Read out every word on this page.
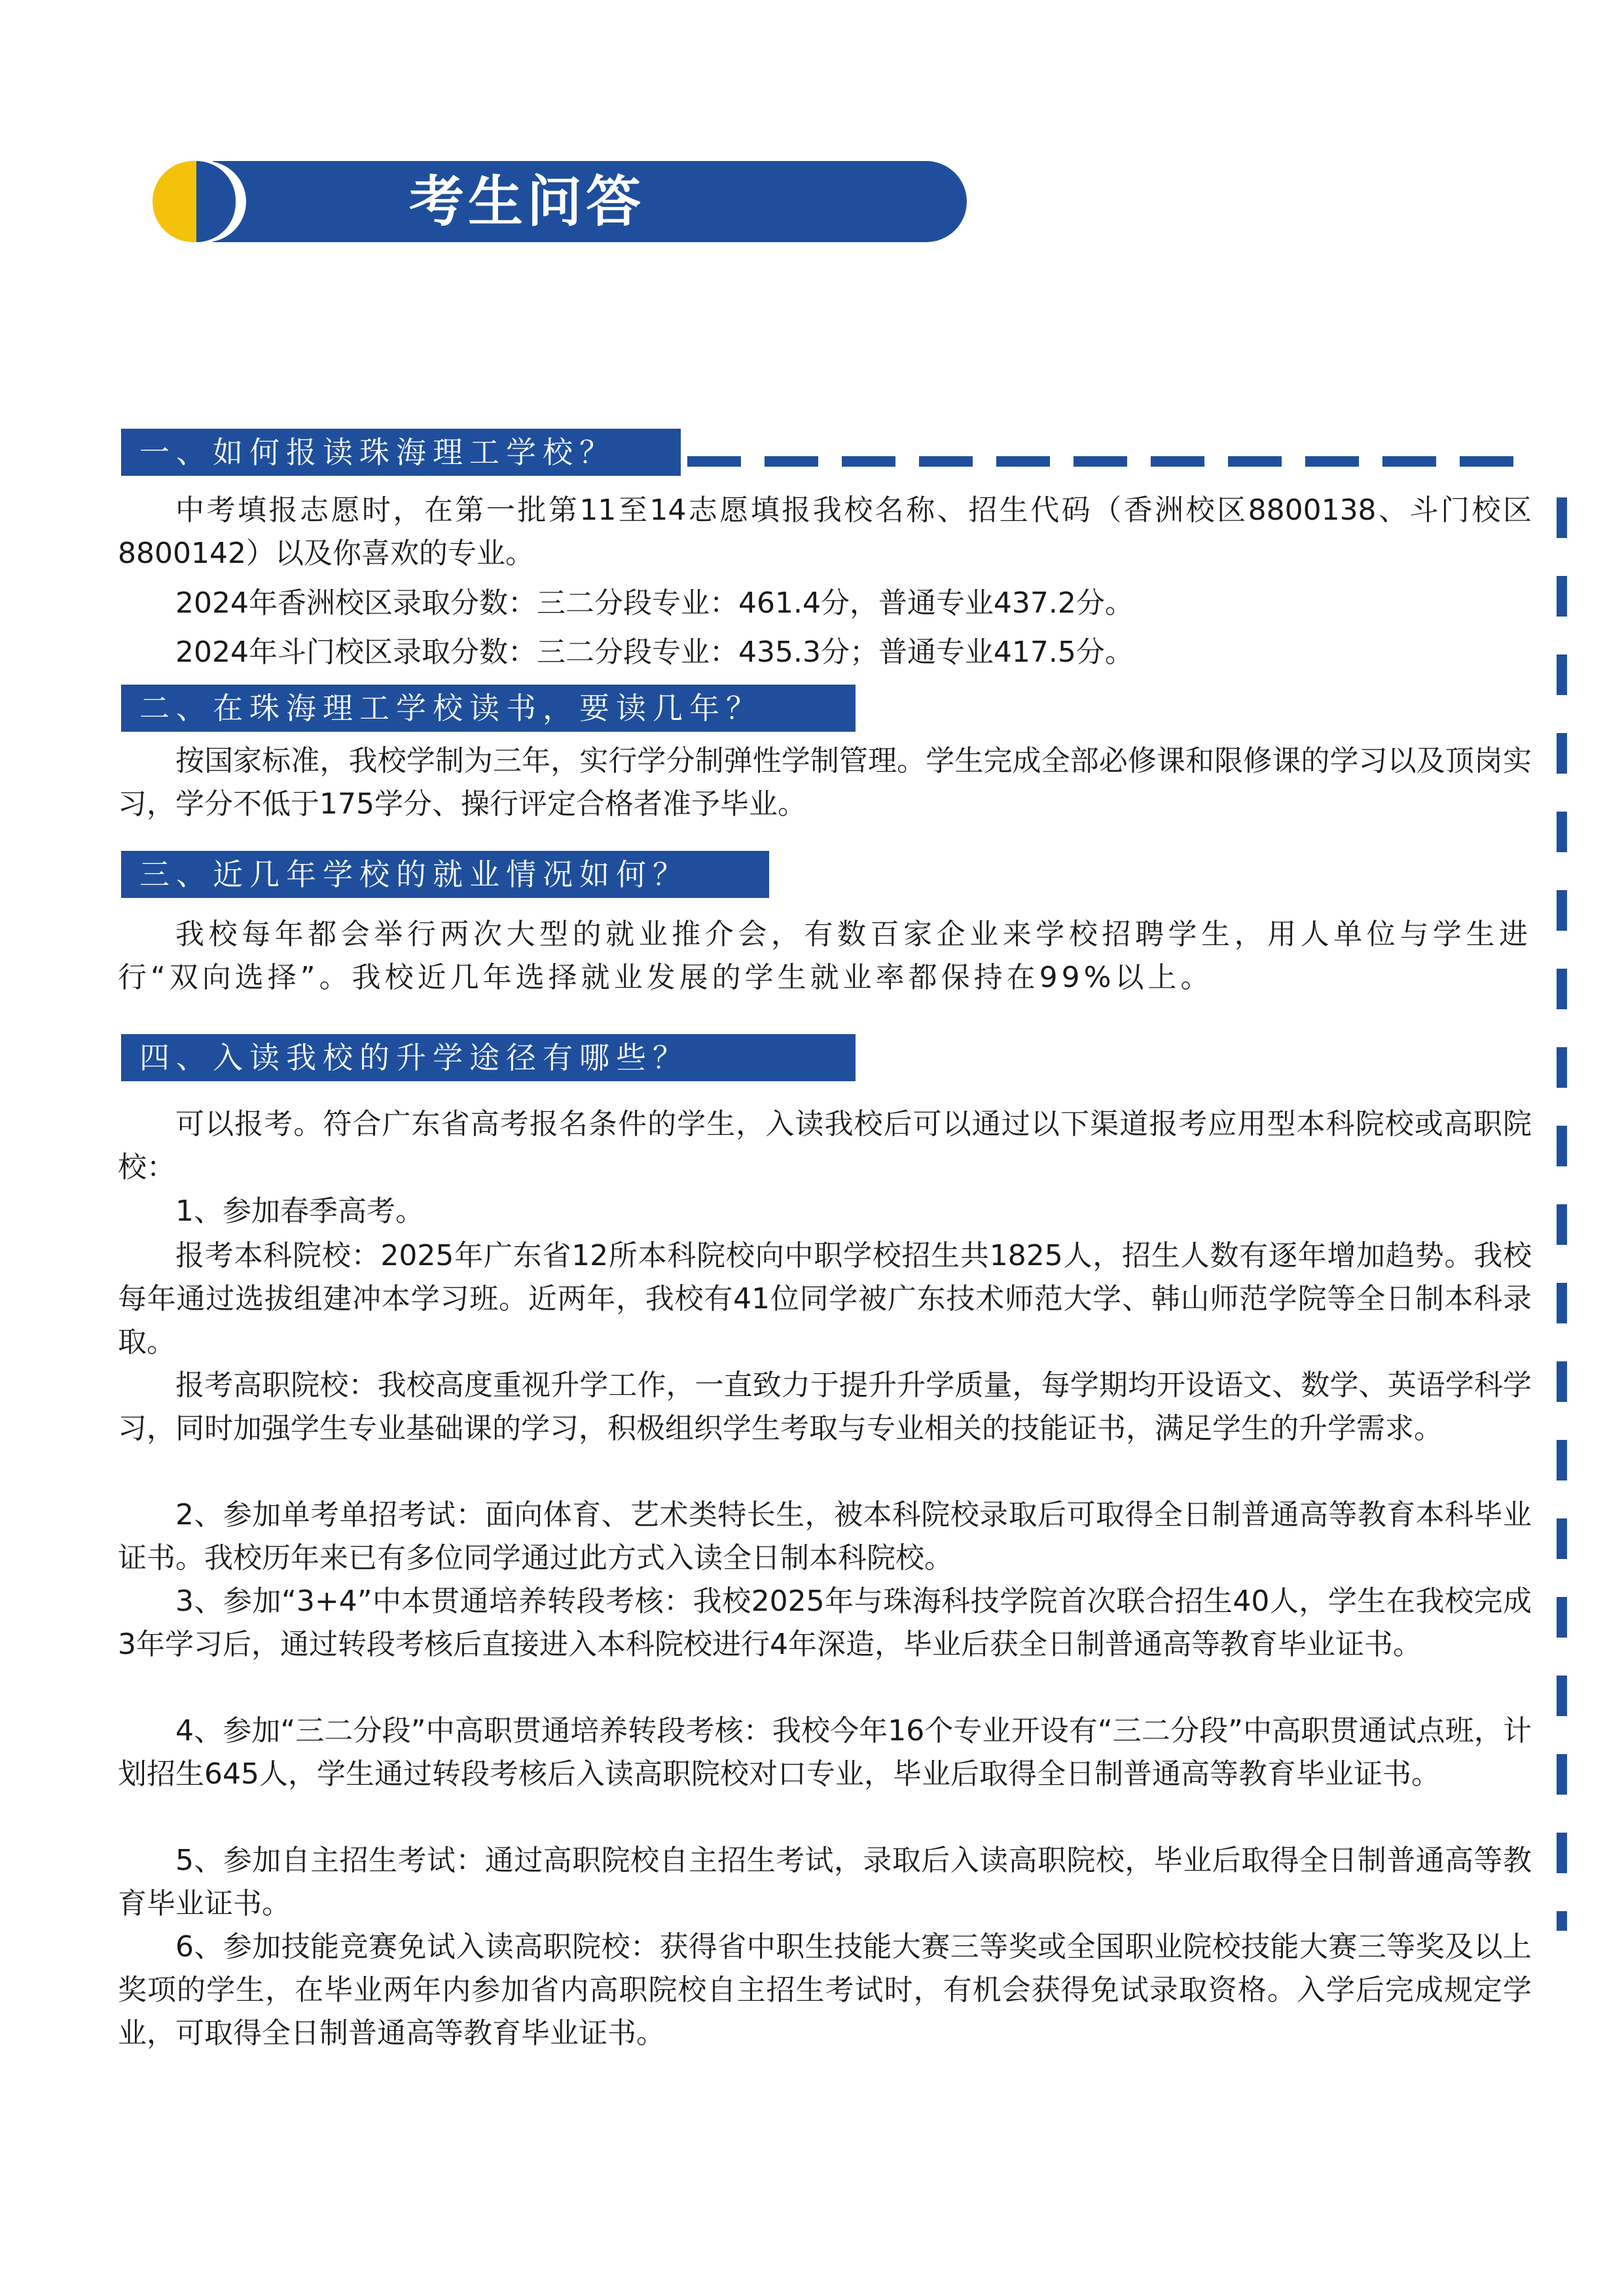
考生问答
一、如何报读珠海理工学校？

中考填报志愿时，在第一批第11至14志愿填报我校名称、招生代码（香洲校区8800138、斗门校区8800142）以及你喜欢的专业。

2024年香洲校区录取分数：三二分段专业：461.4分，普通专业437.2分。

2024年斗门校区录取分数：三二分段专业：435.3分；普通专业417.5分。

二、在珠海理工学校读书，要读几年？

按国家标准，我校学制为三年，实行学分制弹性学制管理。学生完成全部必修课和限修课的学习以及顶岗实习，学分不低于175学分、操行评定合格者准予毕业。

三、近几年学校的就业情况如何？

我校每年都会举行两次大型的就业推介会，有数百家企业来学校招聘学生，用人单位与学生进行“双向选择”。我校近几年选择就业发展的学生就业率都保持在99%以上。

四、入读我校的升学途径有哪些？

可以报考。符合广东省高考报名条件的学生，入读我校后可以通过以下渠道报考应用型本科院校或高职院校：

1、参加春季高考。

报考本科院校：2025年广东省12所本科院校向中职学校招生共1825人，招生人数有逐年增加趋势。我校每年通过选拔组建冲本学习班。近两年，我校有41位同学被广东技术师范大学、韩山师范学院等全日制本科录取。

报考高职院校：我校高度重视升学工作，一直致力于提升升学质量，每学期均开设语文、数学、英语学科学习，同时加强学生专业基础课的学习，积极组织学生考取与专业相关的技能证书，满足学生的升学需求。

2、参加单考单招考试：面向体育、艺术类特长生，被本科院校录取后可取得全日制普通高等教育本科毕业证书。我校历年来已有多位同学通过此方式入读全日制本科院校。

3、参加“3+4”中本贯通培养转段考核：我校2025年与珠海科技学院首次联合招生40人，学生在我校完成3年学习后，通过转段考核后直接进入本科院校进行4年深造，毕业后获全日制普通高等教育毕业证书。

4、参加“三二分段”中高职贯通培养转段考核：我校今年16个专业开设有“三二分段”中高职贯通试点班，计划招生645人，学生通过转段考核后入读高职院校对口专业，毕业后取得全日制普通高等教育毕业证书。

5、参加自主招生考试：通过高职院校自主招生考试，录取后入读高职院校，毕业后取得全日制普通高等教育毕业证书。

6、参加技能竞赛免试入读高职院校：获得省中职生技能大赛三等奖或全国职业院校技能大赛三等奖及以上奖项的学生，在毕业两年内参加省内高职院校自主招生考试时，有机会获得免试录取资格。入学后完成规定学业，可取得全日制普通高等教育毕业证书。
